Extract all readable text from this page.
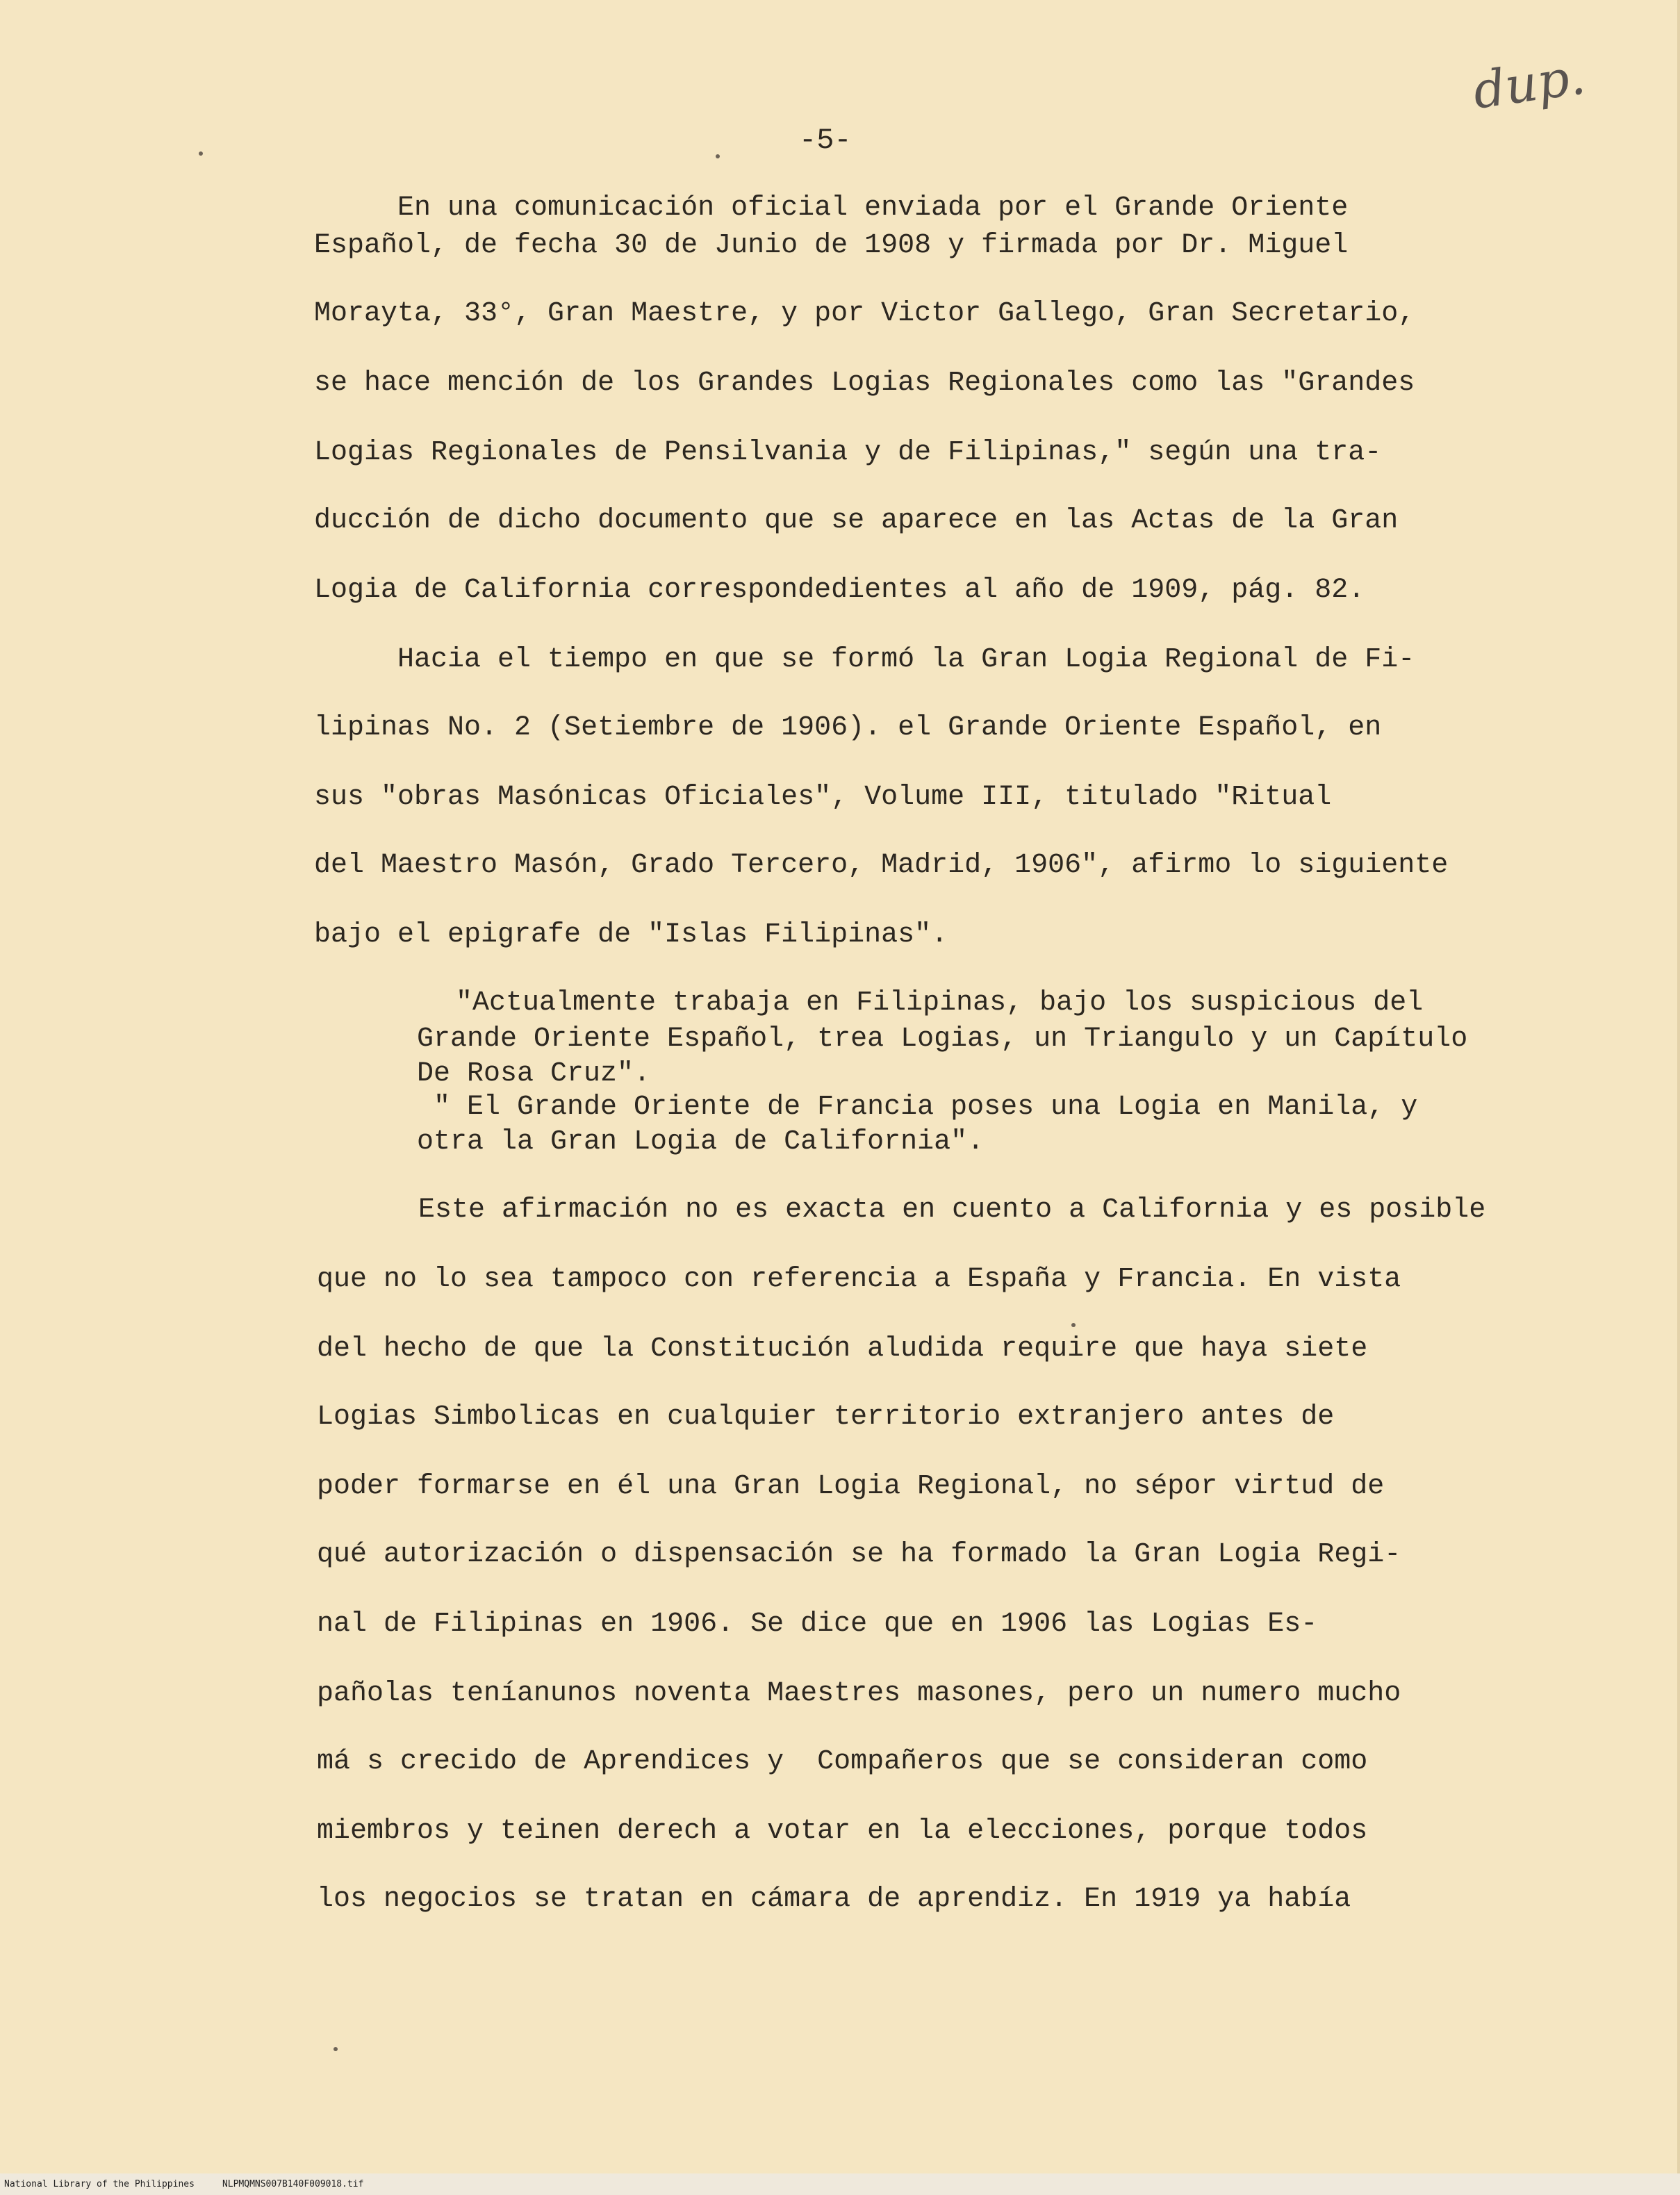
dup.
-5-
En una comunicación oficial enviada por el Grande Oriente
Español, de fecha 30 de Junio de 1908 y firmada por Dr. Miguel
Morayta, 33°, Gran Maestre, y por Victor Gallego, Gran Secretario,
se hace mención de los Grandes Logias Regionales como las "Grandes
Logias Regionales de Pensilvania y de Filipinas," según una tra-
ducción de dicho documento que se aparece en las Actas de la Gran
Logia de California correspondedientes al año de 1909, pág. 82.
Hacia el tiempo en que se formó la Gran Logia Regional de Fi-
lipinas No. 2 (Setiembre de 1906). el Grande Oriente Español, en
sus "obras Masónicas Oficiales", Volume III, titulado "Ritual
del Maestro Masón, Grado Tercero, Madrid, 1906", afirmo lo siguiente
bajo el epigrafe de "Islas Filipinas".
"Actualmente trabaja en Filipinas, bajo los suspicious del
Grande Oriente Español, trea Logias, un Triangulo y un Capítulo
De Rosa Cruz".
" El Grande Oriente de Francia poses una Logia en Manila, y
otra la Gran Logia de California".
Este afirmación no es exacta en cuento a California y es posible
que no lo sea tampoco con referencia a España y Francia. En vista
del hecho de que la Constitución aludida require que haya siete
Logias Simbolicas en cualquier territorio extranjero antes de
poder formarse en él una Gran Logia Regional, no sépor virtud de
qué autorización o dispensación se ha formado la Gran Logia Regi-
nal de Filipinas en 1906. Se dice que en 1906 las Logias Es-
pañolas teníanunos noventa Maestres masones, pero un numero mucho
má s crecido de Aprendices y  Compañeros que se consideran como
miembros y teinen derech a votar en la elecciones, porque todos
los negocios se tratan en cámara de aprendiz. En 1919 ya había
National Library of the Philippines	NLPMQMNS007B140F009018.tif
